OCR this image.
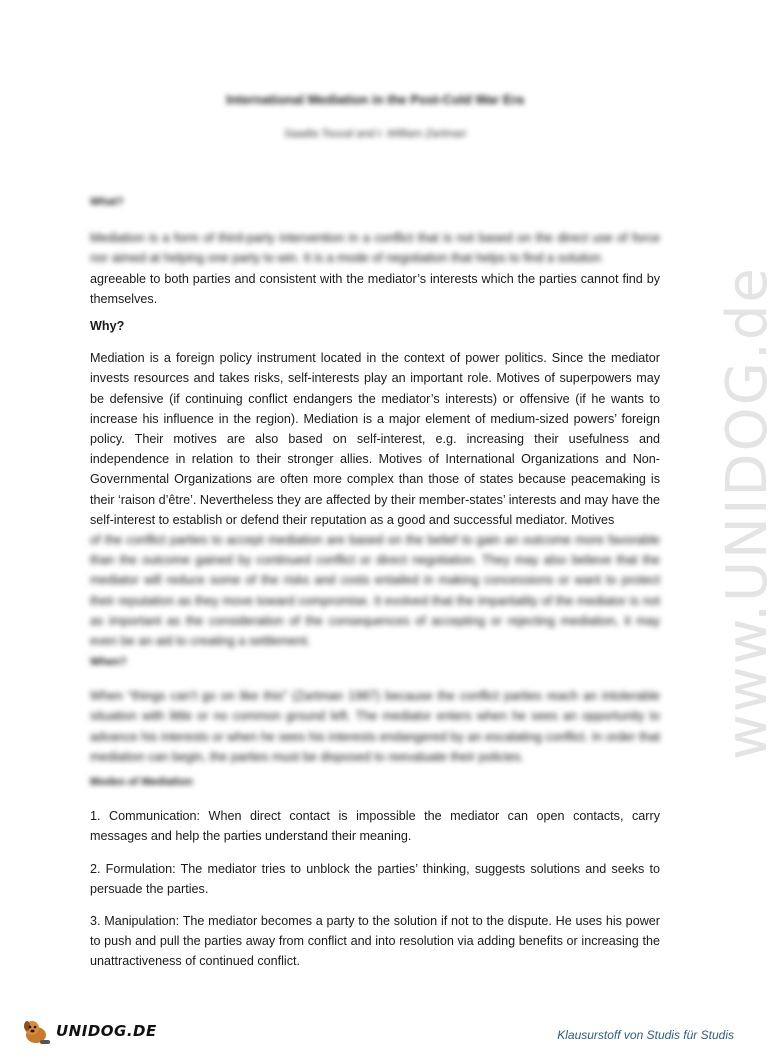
www.UNIDOG.de
International Mediation in the Post-Cold War Era
Saadia Touval and I. William Zartman
What?

Mediation is a form of third-party intervention in a conflict that is not based on the direct use of force nor aimed at helping one party to win. It is a mode of negotiation that helps to find a solution

agreeable to both parties and consistent with the mediator’s interests which the parties cannot find by themselves.

Why?

Mediation is a foreign policy instrument located in the context of power politics. Since the mediator invests resources and takes risks, self-interests play an important role. Motives of superpowers may be defensive (if continuing conflict endangers the mediator’s interests) or offensive (if he wants to increase his influence in the region). Mediation is a major element of medium-sized powers’ foreign policy. Their motives are also based on self-interest, e.g. increasing their usefulness and independence in relation to their stronger allies. Motives of International Organizations and Non-Governmental Organizations are often more complex than those of states because peacemaking is their ‘raison d’être’. Nevertheless they are affected by their member-states’ interests and may have the self-interest to establish or defend their reputation as a good and successful mediator. Motives

of the conflict parties to accept mediation are based on the belief to gain an outcome more favorable than the outcome gained by continued conflict or direct negotiation. They may also believe that the mediator will reduce some of the risks and costs entailed in making concessions or want to protect their reputation as they move toward compromise. It evolved that the impartiality of the mediator is not as important as the consideration of the consequences of accepting or rejecting mediation, it may even be an aid to creating a settlement.

When?

When “things can’t go on like this” (Zartman 1987) because the conflict parties reach an intolerable situation with little or no common ground left. The mediator enters when he sees an opportunity to advance his interests or when he sees his interests endangered by an escalating conflict. In order that mediation can begin, the parties must be disposed to reevaluate their policies.

Modes of Mediation

1. Communication: When direct contact is impossible the mediator can open contacts, carry messages and help the parties understand their meaning.

2. Formulation: The mediator tries to unblock the parties’ thinking, suggests solutions and seeks to persuade the parties.

3. Manipulation: The mediator becomes a party to the solution if not to the dispute. He uses his power to push and pull the parties away from conflict and into resolution via adding benefits or increasing the unattractiveness of continued conflict.

UNIDOG.DE	Klausurstoff von Studis für Studis
